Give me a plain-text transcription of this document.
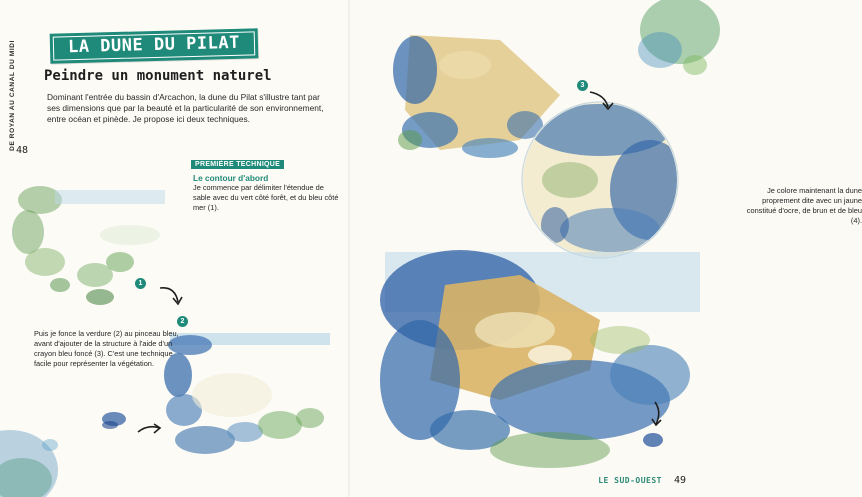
DE ROYAN AU CANAL DU MIDI 48
LA DUNE DU PILAT
Peindre un monument naturel

Dominant l'entrée du bassin d'Arcachon, la dune du Pilat s'illustre tant par ses dimensions que par la beauté et la particularité de son environnement, entre océan et pinède. Je propose ici deux techniques.

PREMIÈRE TECHNIQUE
Le contour d'abord

Je commence par délimiter l'étendue de sable avec du vert côté forêt, et du bleu côté mer (1).

Puis je fonce la verdure (2) au pinceau bleu, avant d'ajouter de la structure à l'aide d'un crayon bleu foncé (3). C'est une technique facile pour représenter la végétation.

1
2
3

Je colore maintenant la dune proprement dite avec un jaune constitué d'ocre, de brun et de bleu (4).

LE SUD-OUEST 49
